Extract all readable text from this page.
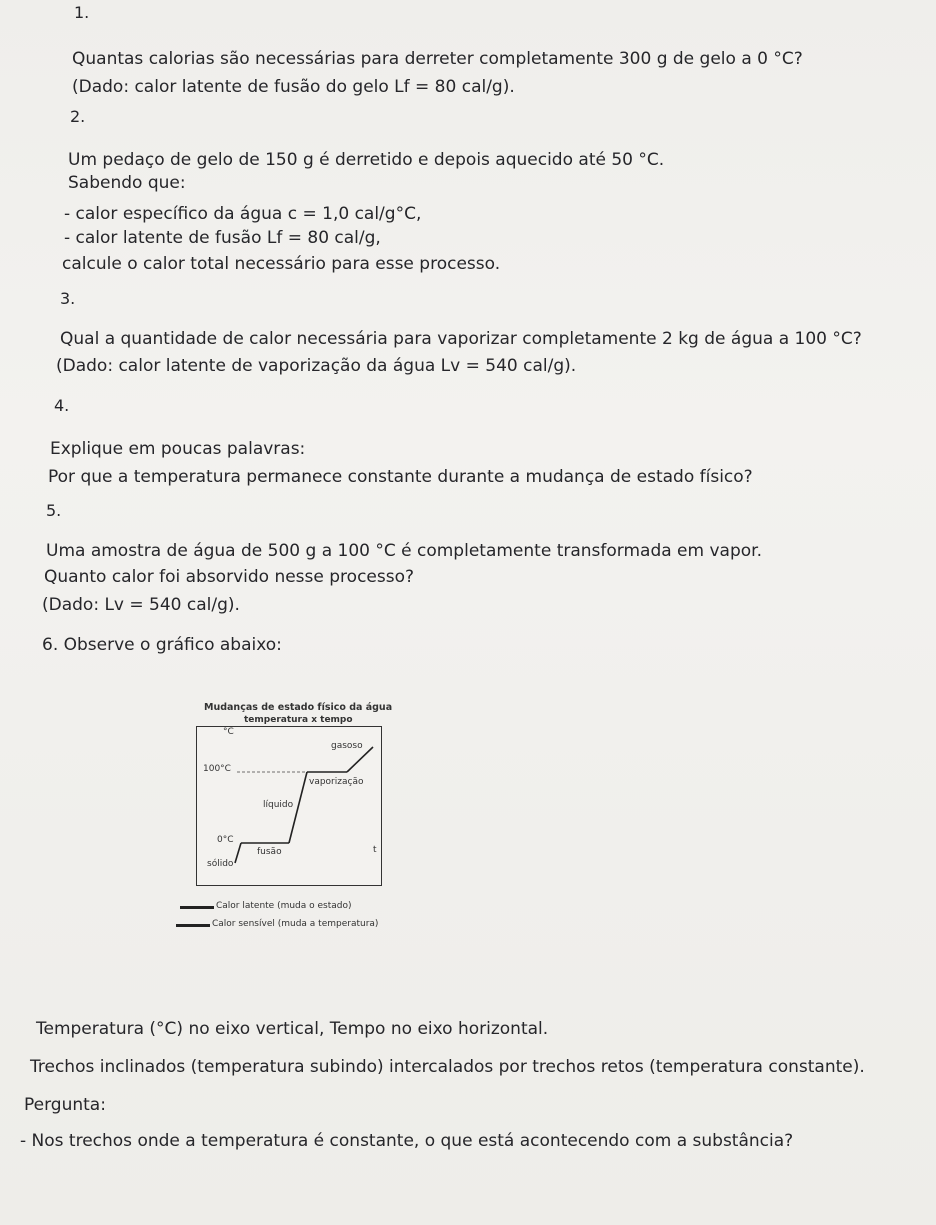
1.
Quantas calorias são necessárias para derreter completamente 300 g de gelo a 0 °C?
(Dado: calor latente de fusão do gelo Lf = 80 cal/g).
2.
Um pedaço de gelo de 150 g é derretido e depois aquecido até 50 °C.
Sabendo que:
- calor específico da água c = 1,0 cal/g°C,
- calor latente de fusão Lf = 80 cal/g,
calcule o calor total necessário para esse processo.
3.
Qual a quantidade de calor necessária para vaporizar completamente 2 kg de água a 100 °C?
(Dado: calor latente de vaporização da água Lv = 540 cal/g).
4.
Explique em poucas palavras:
Por que a temperatura permanece constante durante a mudança de estado físico?
5.
Uma amostra de água de 500 g a 100 °C é completamente transformada em vapor.
Quanto calor foi absorvido nesse processo?
(Dado: Lv = 540 cal/g).
6. Observe o gráfico abaixo:
Mudanças de estado físico da água
temperatura x tempo
°C
gasoso
100°C
vaporização
líquido
0°C
fusão	t
sólido
Calor latente (muda o estado)
Calor sensível (muda a temperatura)
Temperatura (°C) no eixo vertical, Tempo no eixo horizontal.
Trechos inclinados (temperatura subindo) intercalados por trechos retos (temperatura constante).
Pergunta:
- Nos trechos onde a temperatura é constante, o que está acontecendo com a substância?
